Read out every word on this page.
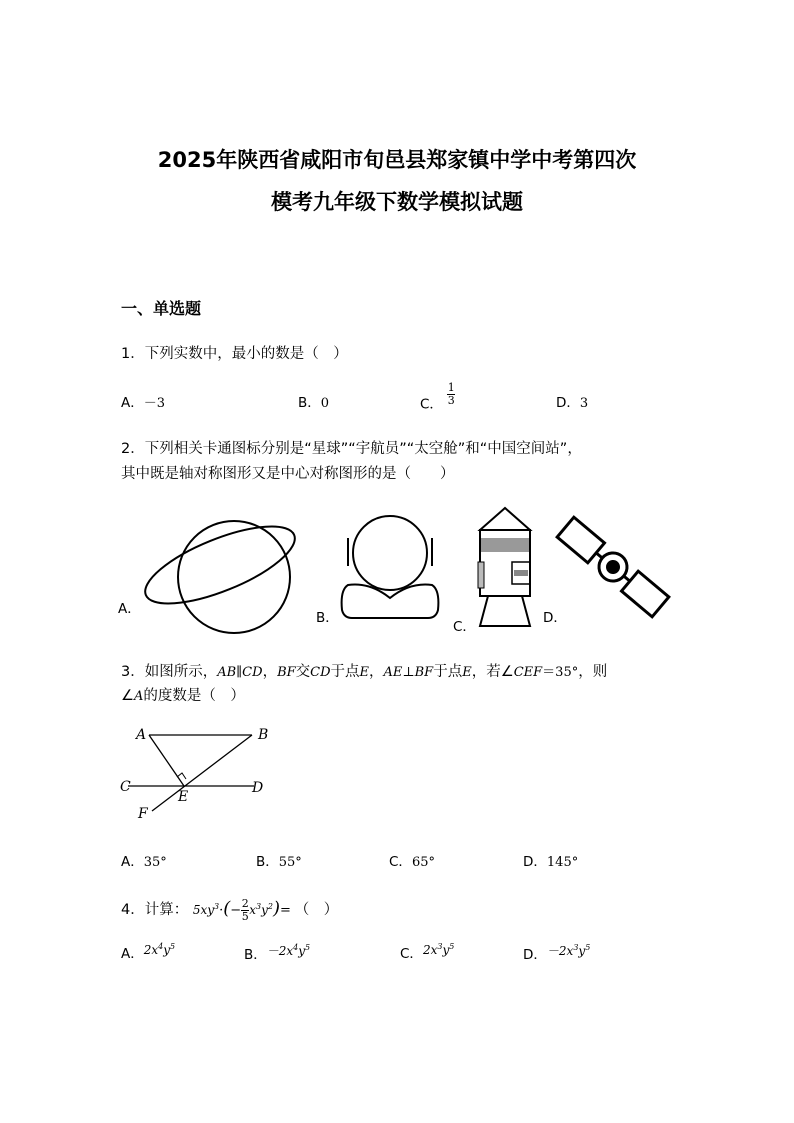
2025年陕西省咸阳市旬邑县郑家镇中学中考第四次
模考九年级下数学模拟试题
一、单选题
1．下列实数中，最小的数是（　）
A．－3	B．0	C． $\frac{1}{3}$	D．3
2．下列相关卡通图标分别是“星球”“宇航员”“太空舱”和“中国空间站”，
其中既是轴对称图形又是中心对称图形的是（　　）
A．
B．
C．
D．
3．如图所示，AB∥CD，BF交CD于点E，AE⊥BF于点E，若∠CEF＝35°，则
∠A的度数是（　）
A	B
C	D
E
F
A．35°	B．55°	C．65°	D．145°
4．计算： $5xy^3\cdot(- \frac{2}{5} x^3y^2)=$ （　）
A．$2x^4y^5$
B．$-2x^4y^5$	C．$2x^3y^5$
D．$-2x^3y^5$
